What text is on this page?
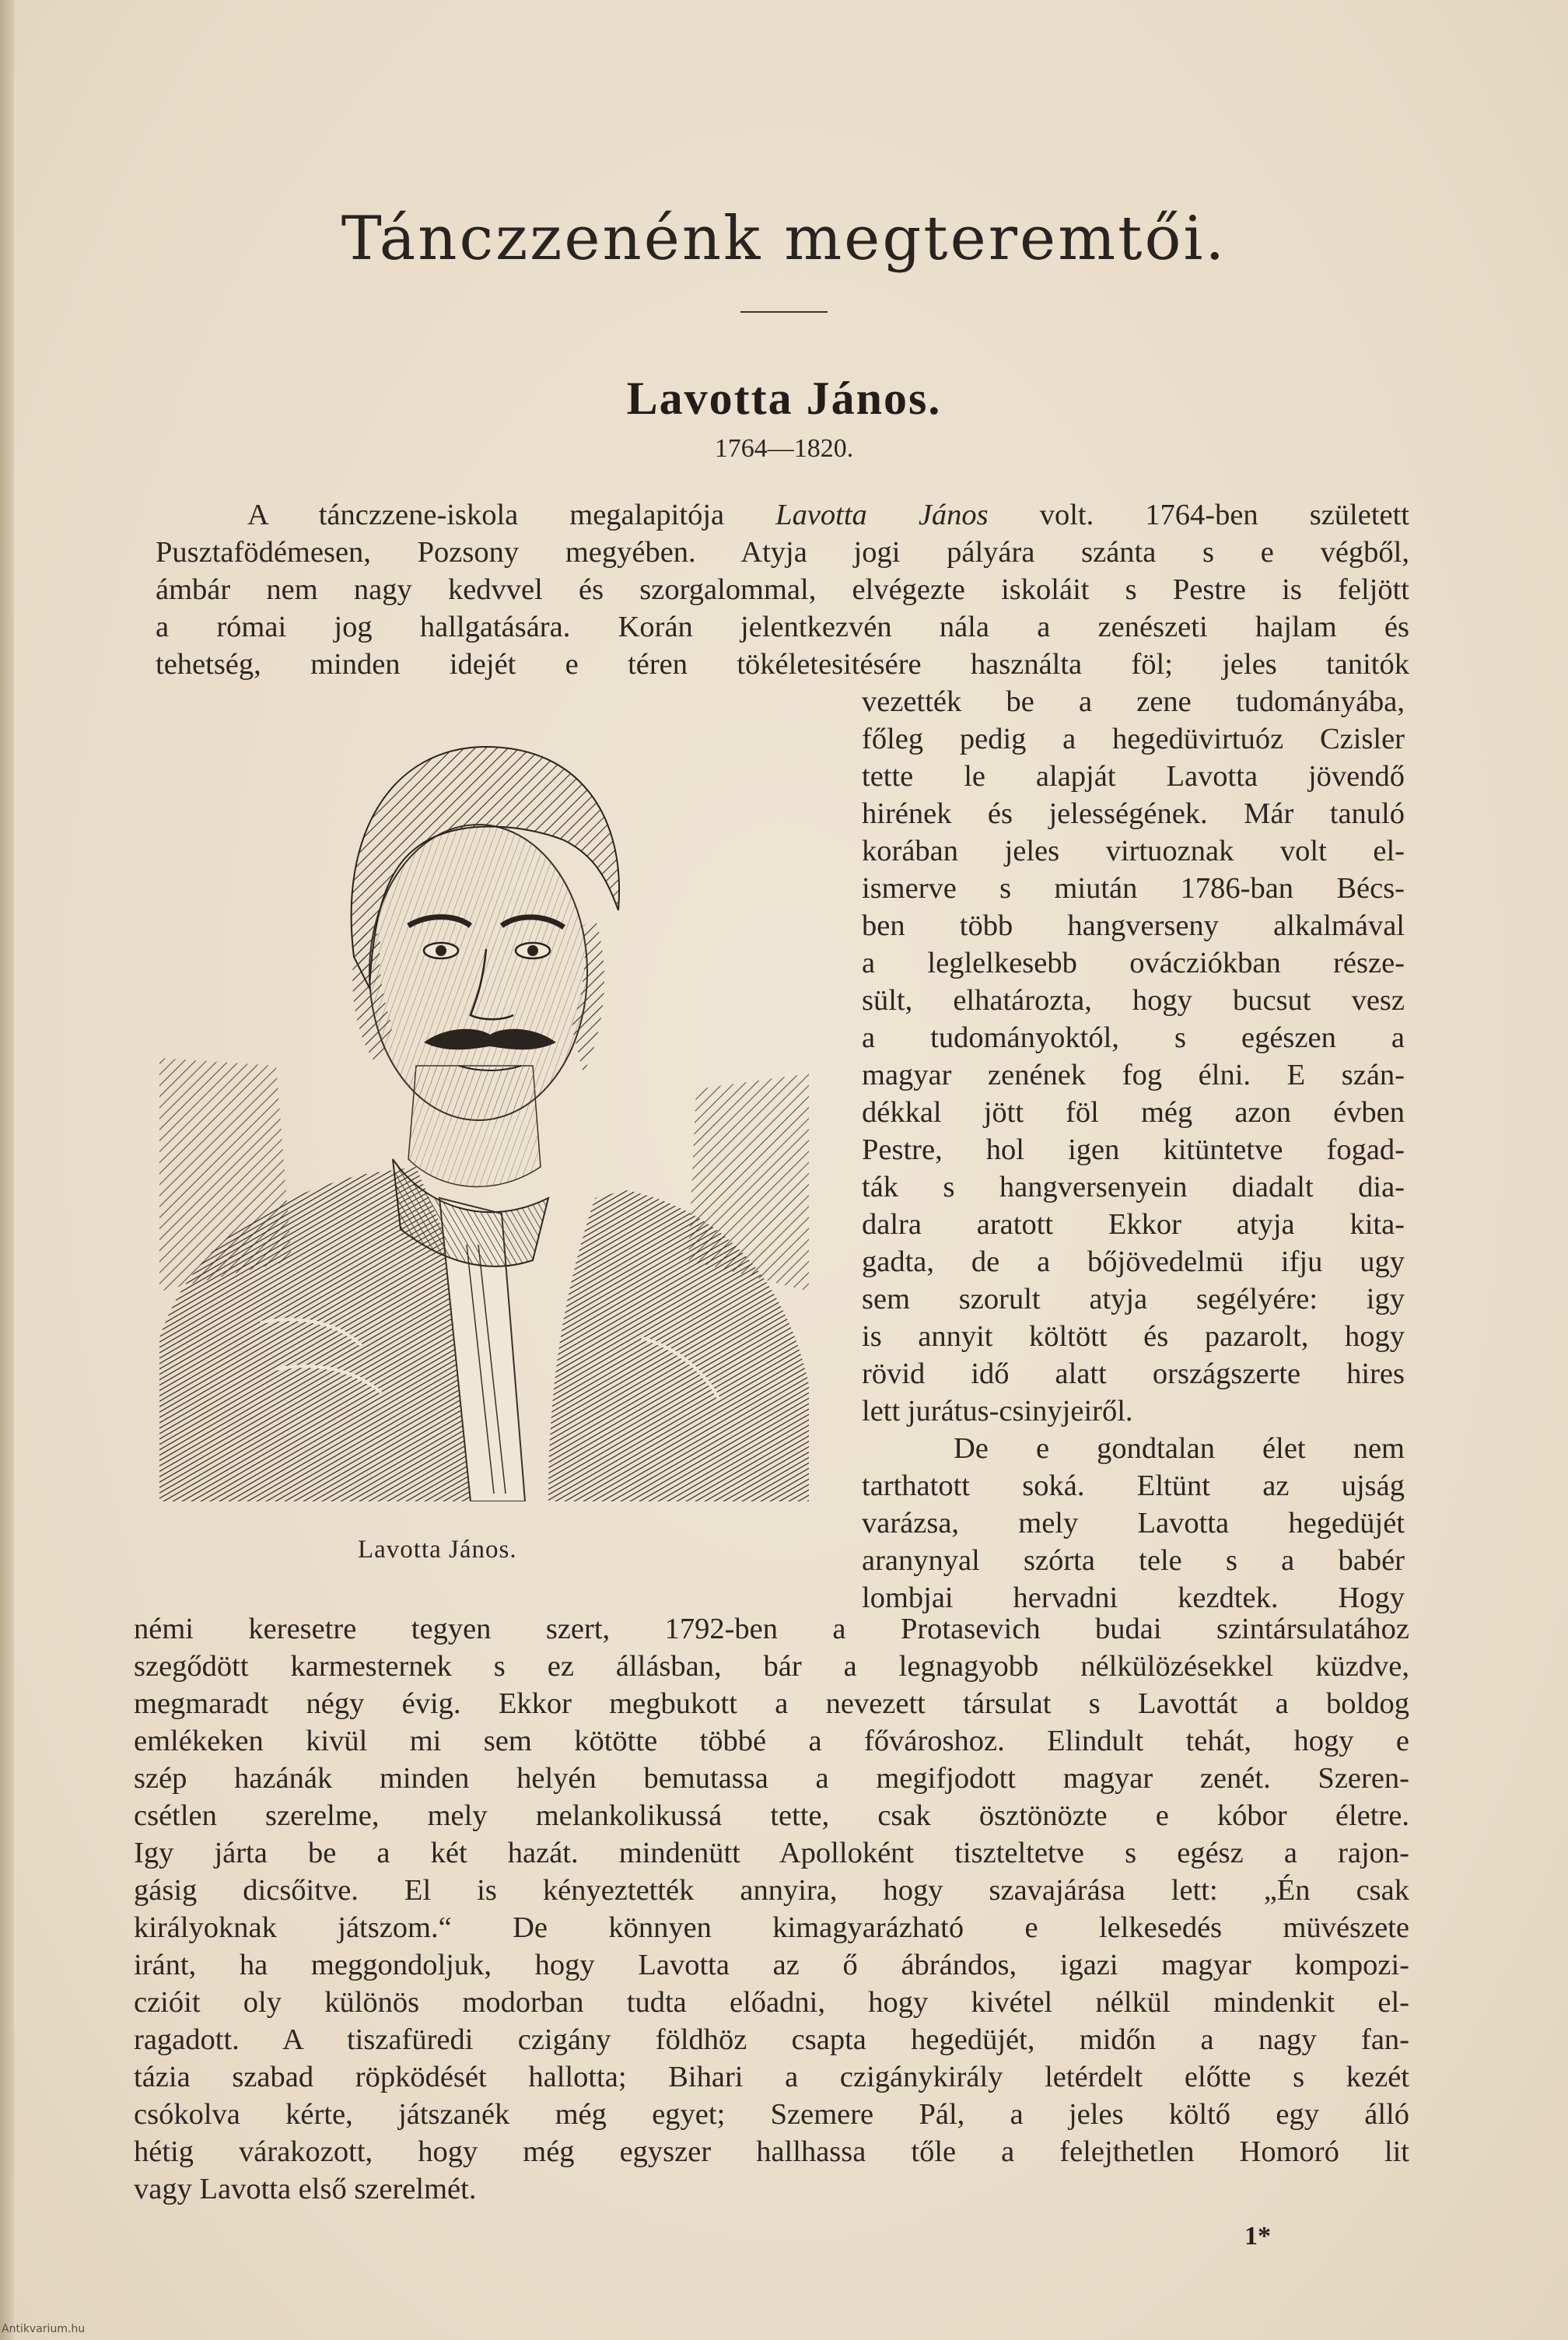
Tánczzenénk megteremtői.
Lavotta János.
1764—1820.
A tánczzene-iskola megalapitója Lavotta János volt. 1764-ben született
Pusztafödémesen, Pozsony megyében. Atyja jogi pályára szánta s e végből,
ámbár nem nagy kedvvel és szorgalommal, elvégezte iskoláit s Pestre is feljött
a római jog hallgatására. Korán jelentkezvén nála a zenészeti hajlam és
tehetség, minden idejét e téren tökéletesitésére használta föl; jeles tanitók
vezették be a zene tudományába,
főleg pedig a hegedüvirtuóz Czisler
tette le alapját Lavotta jövendő
hirének és jelességének. Már tanuló
korában jeles virtuoznak volt el-
ismerve s miután 1786-ban Bécs-
ben több hangverseny alkalmával
a leglelkesebb ovácziókban része-
sült, elhatározta, hogy bucsut vesz
a tudományoktól, s egészen a
magyar zenének fog élni. E szán-
dékkal jött föl még azon évben
Pestre, hol igen kitüntetve fogad-
ták s hangversenyein diadalt dia-
dalra aratott Ekkor atyja kita-
gadta, de a bőjövedelmü ifju ugy
sem szorult atyja segélyére: igy
is annyit költött és pazarolt, hogy
rövid idő alatt országszerte hires
lett jurátus-csinyjeiről.
De e gondtalan élet nem
tarthatott soká. Eltünt az ujság
varázsa, mely Lavotta hegedüjét
aranynyal szórta tele s a babér
lombjai hervadni kezdtek. Hogy
Lavotta János.
némi keresetre tegyen szert, 1792-ben a Protasevich budai szintársulatához
szegődött karmesternek s ez állásban, bár a legnagyobb nélkülözésekkel küzdve,
megmaradt négy évig. Ekkor megbukott a nevezett társulat s Lavottát a boldog
emlékeken kivül mi sem kötötte többé a fővároshoz. Elindult tehát, hogy e
szép hazánák minden helyén bemutassa a megifjodott magyar zenét. Szeren-
csétlen szerelme, mely melankolikussá tette, csak ösztönözte e kóbor életre.
Igy járta be a két hazát. mindenütt Apolloként tiszteltetve s egész a rajon-
gásig dicsőitve. El is kényeztették annyira, hogy szavajárása lett: „Én csak
királyoknak játszom.“ De könnyen kimagyarázható e lelkesedés müvészete
iránt, ha meggondoljuk, hogy Lavotta az ő ábrándos, igazi magyar kompozi-
czióit oly különös modorban tudta előadni, hogy kivétel nélkül mindenkit el-
ragadott. A tiszafüredi czigány földhöz csapta hegedüjét, midőn a nagy fan-
tázia szabad röpködését hallotta; Bihari a czigánykirály letérdelt előtte s kezét
csókolva kérte, játszanék még egyet; Szemere Pál, a jeles költő egy álló
hétig várakozott, hogy még egyszer hallhassa tőle a felejthetlen Homoró lit
vagy Lavotta első szerelmét.
1*
Antikvarium.hu
